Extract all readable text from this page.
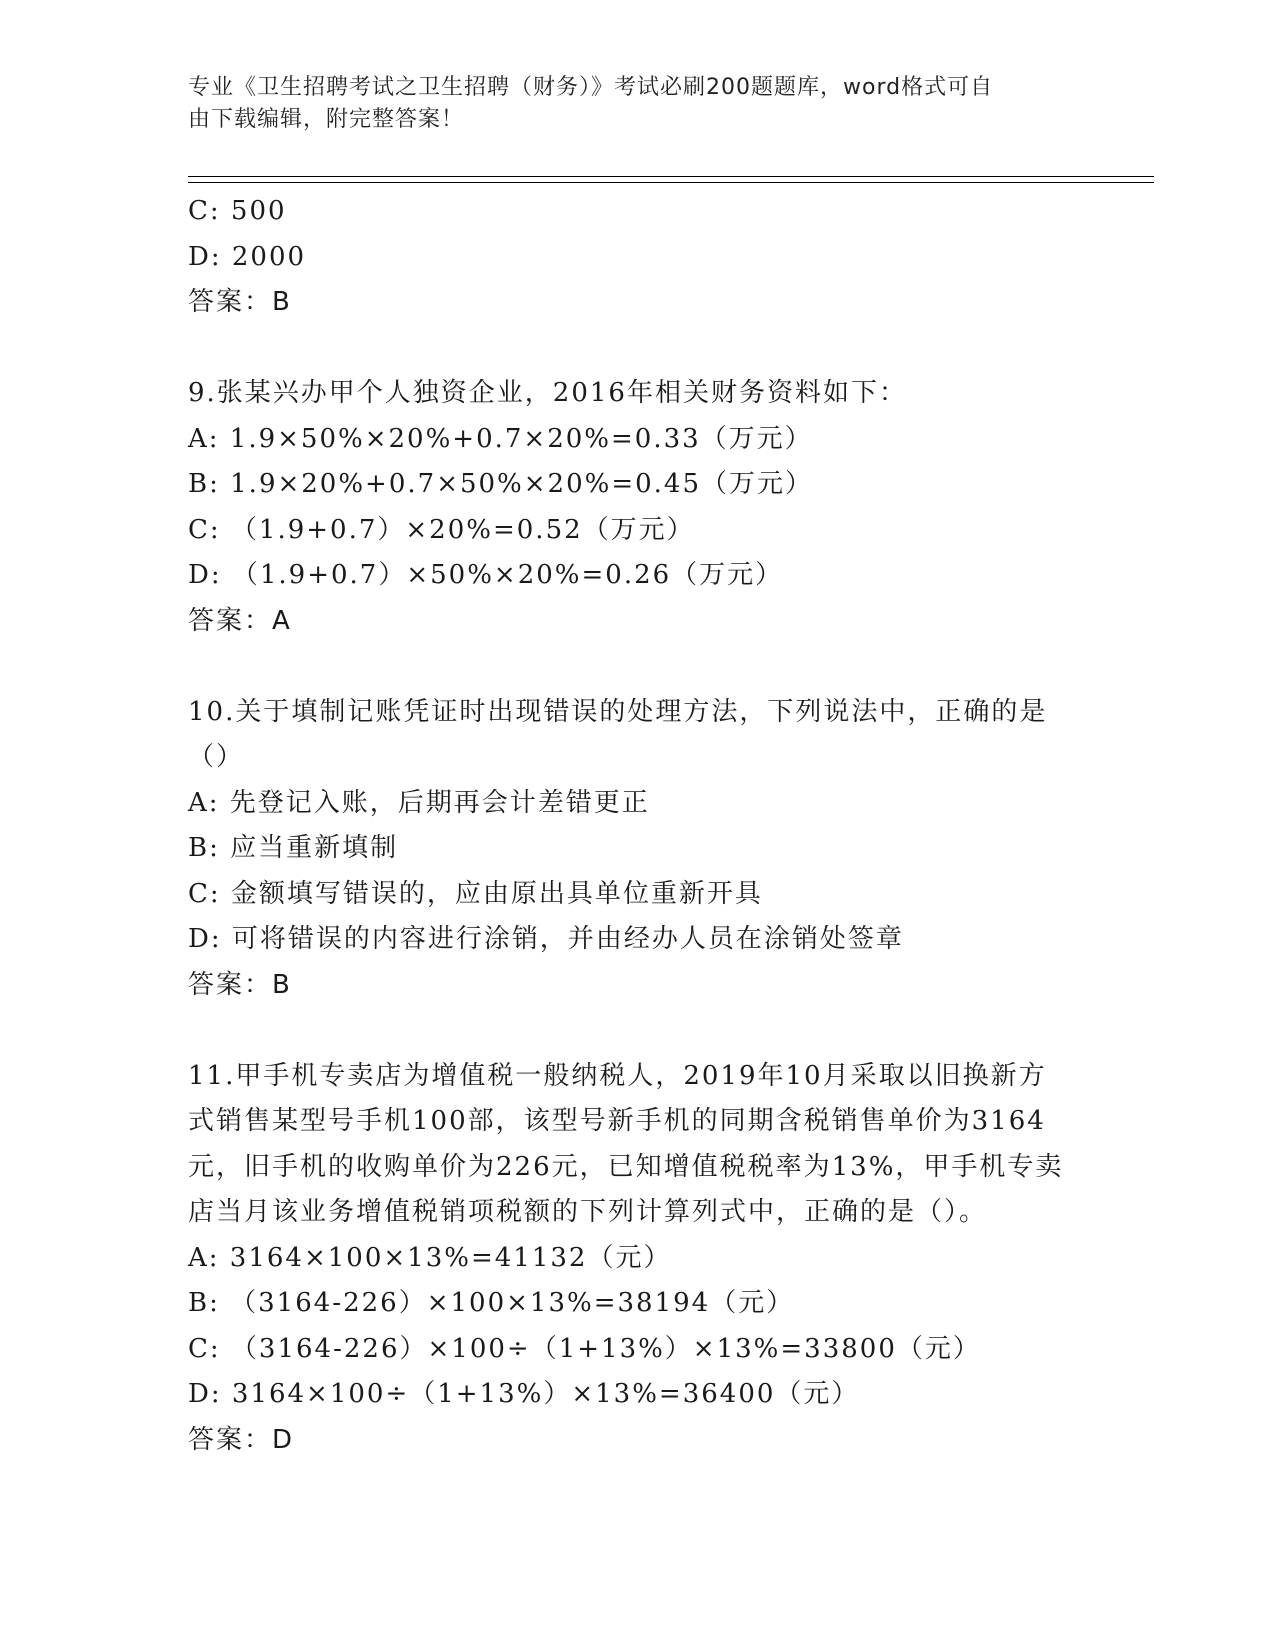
专业《卫生招聘考试之卫生招聘（财务）》考试必刷200题题库，word格式可自
由下载编辑，附完整答案！
C: 500
D: 2000
答案：B
9.张某兴办甲个人独资企业，2016年相关财务资料如下：
A: 1.9×50%×20%+0.7×20%=0.33（万元）
B: 1.9×20%+0.7×50%×20%=0.45（万元）
C: （1.9+0.7）×20%=0.52（万元）
D: （1.9+0.7）×50%×20%=0.26（万元）
答案：A
10.关于填制记账凭证时出现错误的处理方法，下列说法中，正确的是
（）
A: 先登记入账，后期再会计差错更正
B: 应当重新填制
C: 金额填写错误的，应由原出具单位重新开具
D: 可将错误的内容进行涂销，并由经办人员在涂销处签章
答案：B
11.甲手机专卖店为增值税一般纳税人，2019年10月采取以旧换新方
式销售某型号手机100部，该型号新手机的同期含税销售单价为3164
元，旧手机的收购单价为226元，已知增值税税率为13%，甲手机专卖
店当月该业务增值税销项税额的下列计算列式中，正确的是（）。
A: 3164×100×13%=41132（元）
B: （3164-226）×100×13%=38194（元）
C: （3164-226）×100÷（1+13%）×13%=33800（元）
D: 3164×100÷（1+13%）×13%=36400（元）
答案：D
